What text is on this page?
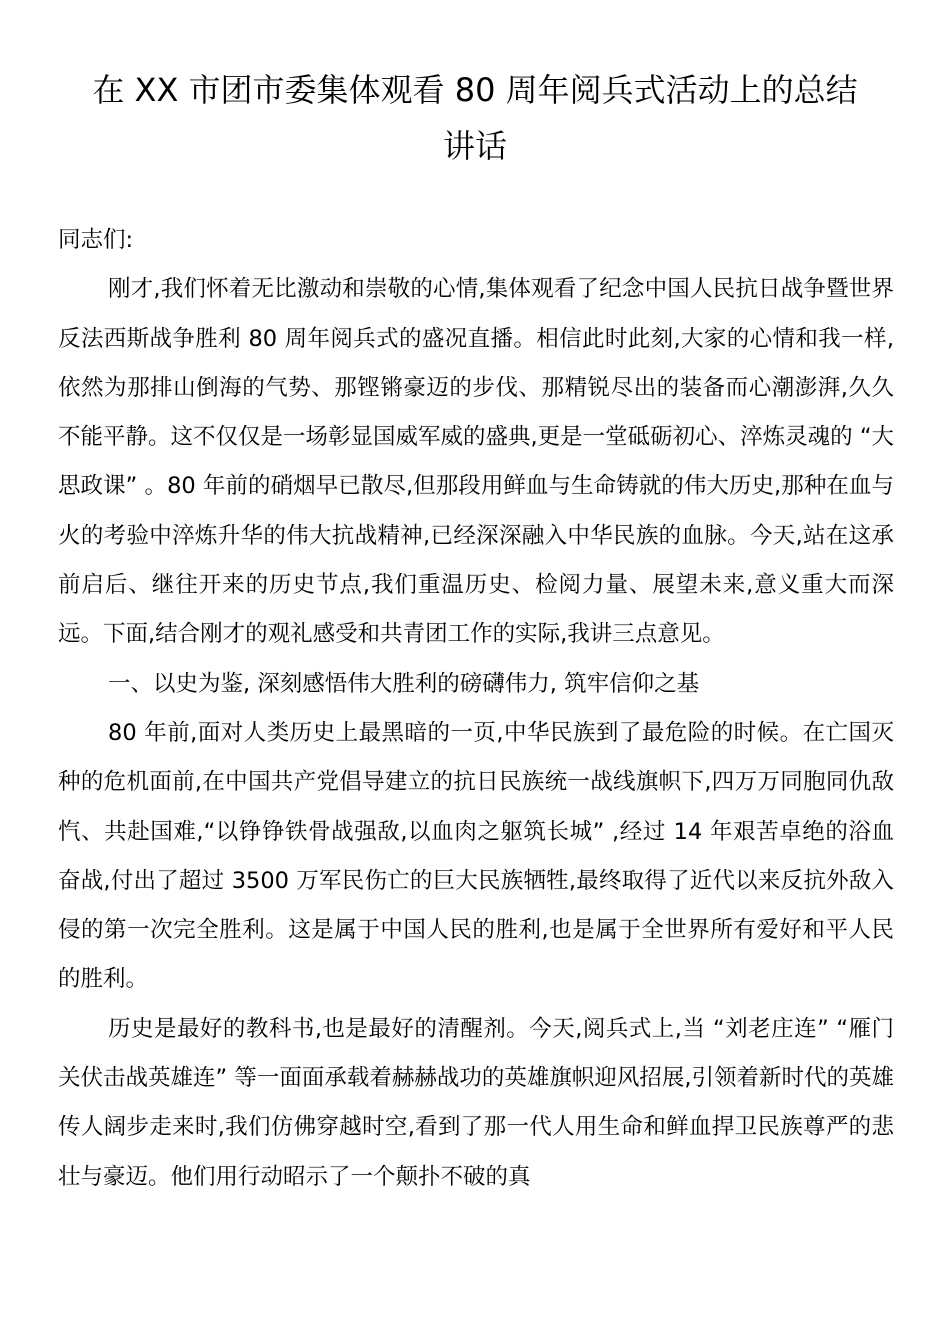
在 XX 市团市委集体观看 80 周年阅兵式活动上的总结
讲话

同志们:

刚才,我们怀着无比激动和崇敬的心情,集体观看了纪念中国人民抗日战争暨世界反法西斯战争胜利 80 周年阅兵式的盛况直播。相信此时此刻,大家的心情和我一样,依然为那排山倒海的气势、那铿锵豪迈的步伐、那精锐尽出的装备而心潮澎湃,久久不能平静。这不仅仅是一场彰显国威军威的盛典,更是一堂砥砺初心、淬炼灵魂的 “大思政课” 。80 年前的硝烟早已散尽,但那段用鲜血与生命铸就的伟大历史,那种在血与火的考验中淬炼升华的伟大抗战精神,已经深深融入中华民族的血脉。今天,站在这承前启后、继往开来的历史节点,我们重温历史、检阅力量、展望未来,意义重大而深远。下面,结合刚才的观礼感受和共青团工作的实际,我讲三点意见。

一、以史为鉴, 深刻感悟伟大胜利的磅礴伟力, 筑牢信仰之基

80 年前,面对人类历史上最黑暗的一页,中华民族到了最危险的时候。在亡国灭种的危机面前,在中国共产党倡导建立的抗日民族统一战线旗帜下,四万万同胞同仇敌忾、共赴国难,“以铮铮铁骨战强敌,以血肉之躯筑长城” ,经过 14 年艰苦卓绝的浴血奋战,付出了超过 3500 万军民伤亡的巨大民族牺牲,最终取得了近代以来反抗外敌入侵的第一次完全胜利。这是属于中国人民的胜利,也是属于全世界所有爱好和平人民的胜利。

历史是最好的教科书,也是最好的清醒剂。今天,阅兵式上,当 “刘老庄连” “雁门关伏击战英雄连” 等一面面承载着赫赫战功的英雄旗帜迎风招展,引领着新时代的英雄传人阔步走来时,我们仿佛穿越时空,看到了那一代人用生命和鲜血捍卫民族尊严的悲壮与豪迈。他们用行动昭示了一个颠扑不破的真
